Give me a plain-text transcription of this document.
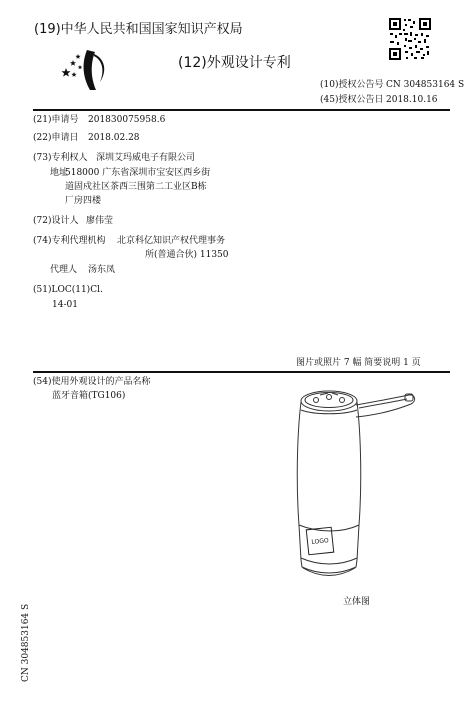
(19)中华人民共和国国家知识产权局
(12)外观设计专利
(10)授权公告号 CN 304853164 S
(45)授权公告日 2018.10.16
(21)申请号 201830075958.6
(22)申请日 2018.02.28
(73)专利权人 深圳艾玛威电子有限公司
地址
518000 广东省深圳市宝安区西乡街
道固戍社区茶西三围第二工业区B栋
厂房四楼
(72)设计人 廖伟莹
(74)专利代理机构 北京科亿知识产权代理事务
所(普通合伙) 11350
代理人 汤东凤
(51)LOC(11)Cl.
14-01
图片或照片 7 幅 简要说明 1 页
(54)使用外观设计的产品名称
蓝牙音箱(TG106)
LOGO
立体图
CN 304853164 S
